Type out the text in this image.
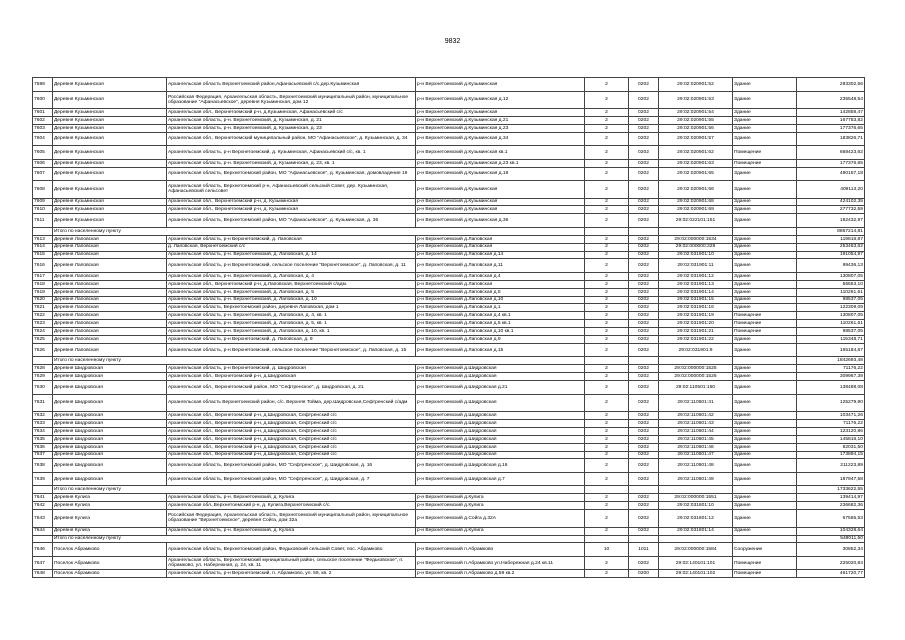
9832
7599	Деревня Кузьминская	Архангельская область Верхнетоемский район,Афанасьевский с/с,дер.Кузьминская	р-н Верхнетоемский д.Кузьминская	2	0202	29:02:020901:52	Здание	283302,56
7600	Деревня Кузьминская	Российская Федерация, Архангельская область, Верхнетоемский муниципальный район, муниципальное образование "Афанасьевское", деревня Кузьминская, дом 12	р-н Верхнетоемский д.Кузьминская д.12	2	0202	29:02:020901:53	Здание	235548,54
7601	Деревня Кузьминская	Архангельская обл., Верхнетоемский р-н, д.Кузьминская, Афанасьевский с/с	р-н Верхнетоемский д.Кузьминская	2	0202	29:02:020901:54	Здание	142858,47
7602	Деревня Кузьминская	Архангельская область, р-н. Верхнетоемский, д. Кузьминская, д. 21	р-н Верхнетоемский д.Кузьминская д.21	2	0202	29:02:020901:55	Здание	167753,82
7603	Деревня Кузьминская	Архангельская область, р-н. Верхнетоемский, д. Кузьминская, д. 23	р-н Верхнетоемский д.Кузьминская д.23	2	0202	29:02:020901:56	Здание	177376,65
7604	Деревня Кузьминская	Архангельская обл., Верхнетоемский муниципальный район, МО "Афанасьевское", д. Кузьминская, д. 34	р-н Верхнетоемский д.Кузьминская д.34	2	0202	29:02:020901:57	Здание	183826,71
7605	Деревня Кузьминская	Архангельская область, р-н Верхнетоемский, д. Кузьминская, Афанасьевский с/с, кв. 1	р-н Верхнетоемский д.Кузьминская кв.1	2	0202	29:02:020901:62	Помещение	668423,62
7606	Деревня Кузьминская	Архангельская область, р-н. Верхнетоемский, д. Кузьминская, д. 23, кв. 1	р-н Верхнетоемский д.Кузьминская д.23 кв.1	2	0202	29:02:020901:63	Помещение	177376,65
7607	Деревня Кузьминская	Архангельская область, Верхнетоемский район, МО "Афанасьевское", д. Кузьминская, домовладение 19	р-н Верхнетоемский д.Кузьминская д.19	2	0202	29:02:020901:65	Здание	480157,18
7608	Деревня Кузьминская	Архангельская область, Верхнетоемский р-н, Афанасьевский сельский Совет, дер. Кузьминская, Афанасьевский сельсовет	р-н Верхнетоемский д.Кузьминская	2	0202	29:02:020901:66	Здание	409113,20
7609	Деревня Кузьминская	Архангельская обл., Верхнетоемский р-н, д. Кузьминская	р-н Верхнетоемский д.Кузьминская	2	0202	29:02:020901:68	Здание	424102,35
7610	Деревня Кузьминская	Архангельская обл., Верхнетоемский р-н, д. Кузьминская	р-н Верхнетоемский д.Кузьминская	2	0202	29:02:020901:69	Здание	277732,59
7611	Деревня Кузьминская	Архангельская область, Верхнетоемский район, МО "Афанасьевское", д. Кузьминская, д. 36	р-н Верхнетоемский д.Кузьминская д.36	2	0202	29:02:022101:151	Здание	182432,97
	Итого по населенному пункту							8867214,81
7613	Деревня Лаповская	Архангельская область, р-н Верхнетоемский, д. Лаповская	р-н Верхнетоемский д.Лаповская	2	0202	29:02:000000:1534	Здание	119816,87
7614	Деревня Лаповская	д. Лаповская, Верхнетоемский с/с	р-н Верхнетоемский д.Лаповская	2	0202	29:02:000000:328	Здание	253463,62
7615	Деревня Лаповская	Архангельская область, р-н. Верхнетоемский, д. Лаповская, д. 14	р-н Верхнетоемский д.Лаповская д.14	2	0202	29:02:031901:10	Здание	191054,97
7616	Деревня Лаповская	Архангельская область, р-н Верхнетоемский, сельское поселение "Верхнетоемское", д. Лаповская, д. 11	р-н Верхнетоемский д.Лаповская д.11	2	0202	29:02:031901:11	Здание	99436,13
7617	Деревня Лаповская	Архангельская область, р-н. Верхнетоемский, д. Лаповская, д. 4	р-н Верхнетоемский д.Лаповская д.4	2	0202	29:02:031901:12	Здание	130807,05
7618	Деревня Лаповская	Архангельская обл., Верхнетоемский р-н, д.Лаповская, Верхнетоемский с/адм.	р-н Верхнетоемский д.Лаповская	2	0202	29:02:031901:13	Здание	56553,10
7619	Деревня Лаповская	Архангельская область, р-н. Верхнетоемский, д. Лаповская, д. 5	р-н Верхнетоемский д.Лаповская д.5	2	0202	29:02:031901:14	Здание	110261,61
7620	Деревня Лаповская	Архангельская область, р-н. Верхнетоемский, д. Лаповская, д. 10	р-н Верхнетоемский д.Лаповская д.10	2	0202	29:02:031901:15	Здание	98537,05
7621	Деревня Лаповская	Архангельская область, Верхнетоемский район, деревня Лаповская, дом 1	р-н Верхнетоемский д.Лаповская д.1	2	0202	29:02:031901:16	Здание	122309,09
7622	Деревня Лаповская	Архангельская область, р-н. Верхнетоемский, д. Лаповская, д. 4, кв. 1	р-н Верхнетоемский д.Лаповская д.4 кв.1	2	0202	29:02:031901:19	Помещение	130807,05
7623	Деревня Лаповская	Архангельская область, р-н. Верхнетоемский, д. Лаповская, д. 5, кв. 1	р-н Верхнетоемский д.Лаповская д.5 кв.1	2	0202	29:02:031901:20	Помещение	110261,61
7624	Деревня Лаповская	Архангельская область, р-н. Верхнетоемский, д. Лаповская, д. 10, кв. 1	р-н Верхнетоемский д.Лаповская д.10 кв.1	2	0202	29:02:031901:21	Помещение	98537,05
7625	Деревня Лаповская	Архангельская область, р-н Верхнетоемский, д. Лаповская, д. 9	р-н Верхнетоемский д.Лаповская д.9	2	0202	29:02:031901:22	Здание	115348,71
7626	Деревня Лаповская	Архангельская область, р-н Верхнетоемский, сельское поселение "Верхнетоемское", д. Лаповская, д. 15	р-н Верхнетоемский д.Лаповская д.15	2	0202	29:02:031901:9	Здание	165184,67
	Итого по населенному пункту							1842693,48
7628	Деревня Шидровская	Архангельская область, р-н Верхнетоемский, д. Шидровская	р-н Верхнетоемский д.Шидровская	2	0202	29:02:000000:1525	Здание	71176,22
7629	Деревня Шидровская	Архангельская обл., Верхнетоемский р-н, д.Шидровская	р-н Верхнетоемский д.Шидровская	2	0202	29:02:000000:1526	Здание	309967,39
7630	Деревня Шидровская	Архангельская обл., Верхнетоемский район, МО "Сефтренское", д. Шидровская, д. 21	р-н Верхнетоемский д.Шидровская д.21	2	0202	29:02:110501:150	Здание	138488,08
7631	Деревня Шидровская	Архангельская область Верхнетоемский район, с/с. Верхняя Тойма, дер.Шидровская,Сефтренский с/адм	р-н Верхнетоемский д.Шидровская	2	0202	29:02:110501:41	Здание	125279,90
7632	Деревня Шидровская	Архангельская обл., Верхнетоемский р-н, д.Шидровская, Сефтренский с/с	р-н Верхнетоемский д.Шидровская	2	0202	29:02:110501:42	Здание	103471,26
7633	Деревня Шидровская	Архангельская обл., Верхнетоемский р-н, д.Шидровская, Сефтренский с/с	р-н Верхнетоемский д.Шидровская	2	0202	29:02:110501:43	Здание	71176,22
7634	Деревня Шидровская	Архангельская обл., Верхнетоемский р-н, д.Шидровская, Сефтренский с/с	р-н Верхнетоемский д.Шидровская	2	0202	29:02:110501:44	Здание	123120,86
7635	Деревня Шидровская	Архангельская обл., Верхнетоемский р-н, д.Шидровская, Сефтренский с/с	р-н Верхнетоемский д.Шидровская	2	0202	29:02:110501:45	Здание	145816,10
7636	Деревня Шидровская	Архангельская обл., Верхнетоемский р-н, д.Шидровская, Сефтренский с/с	р-н Верхнетоемский д.Шидровская	2	0202	29:02:110501:46	Здание	82031,50
7637	Деревня Шидровская	Архангельская обл., Верхнетоемский р-н, д.Шидровская, Сефтренский с/с	р-н Верхнетоемский д.Шидровская	2	0202	29:02:110501:47	Здание	173894,15
7638	Деревня Шидровская	Архангельская область, Верхнетоемский район, МО "Сефтренское", д. Шидровская, д. 16	р-н Верхнетоемский д.Шидровская д.16	2	0202	29:02:110501:48	Здание	211223,89
7639	Деревня Шидровская	Архангельская область, Верхнетоемский район, МО "Сефтренское", д. Шидровская, д. 7	р-н Верхнетоемский д.Шидровская д.7	2	0202	29:02:110501:49	Здание	187947,58
	Итого по населенному пункту							1733622,55
7641	Деревня Кулига	Архангельская область, р-н. Верхнетоемский, д. Кулига	р-н Верхнетоемский д.Кулига	2	0202	29:02:000000:1551	Здание	139414,97
7642	Деревня Кулига	Архангельская обл.,Верхнетоемский р-н, д. Кулига,Верхнетоемский с/с.	р-н Верхнетоемский д.Кулига	2	0202	29:02:031801:10	Здание	236682,36
7643	Деревня Кулига	Российская Федерация, Архангельская область, Верхнетоемский муниципальный район, муниципальное образование "Верхнетоемское", деревня Сойга, дом 32а	р-н Верхнетоемский д.Сойга д.32А	2	0202	29:02:031801:12	Здание	67565,53
7644	Деревня Кулига	Архангельская область, р-н. Верхнетоемский, д. Кулига	р-н Верхнетоемский д.Кулига	2	0202	29:02:031801:14	Здание	104328,64
	Итого по населенному пункту							548011,50
7646	Поселок Абрамково	Архангельская область, Верхнетоемский район, Федьковский сельский Совет, пос. Абрамково	р-н Верхнетоемский п.Абрамково	10	1011	29:02:000000:1584	Сооружение	30852,34
7647	Поселок Абрамково	Архангельская область, Верхнетоемский муниципальный район, сельское поселение "Федьковское", п. Абрамково, ул. Набережная, д. 24, кв. 11	р-н Верхнетоемский п.Абрамково ул.Набережная д.24 кв.11	2	0202	29:02:140101:101	Помещение	225020,84
7648	Поселок Абрамково	Архангельская область, р-н Верхнетоемский, п. Абрамково, ул. 59, кв. 2	р-н Верхнетоемский п.Абрамково д.59 кв.2	2	0200	29:02:140101:102	Помещение	461720,77
